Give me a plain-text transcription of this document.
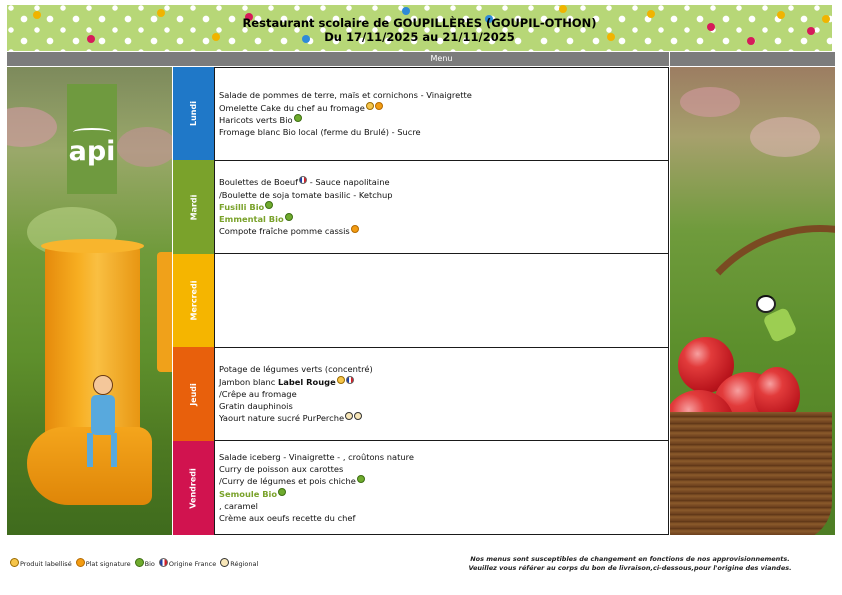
Restaurant scolaire de GOUPILLÈRES (GOUPIL-OTHON)
Du 17/11/2025 au 21/11/2025
Menu
api
Lundi
Salade de pommes de terre, maïs et cornichons - Vinaigrette
Omelette Cake du chef au fromage
Haricots verts Bio
Fromage blanc Bio local (ferme du Brulé) - Sucre
Mardi
Boulettes de Boeuf - Sauce napolitaine
/Boulette de soja tomate basilic - Ketchup
Fusilli Bio
Emmental Bio
Compote fraîche pomme cassis
Mercredi
Jeudi
Potage de légumes verts (concentré)
Jambon blanc Label Rouge
/Crêpe au fromage
Gratin dauphinois
Yaourt nature sucré PurPerche
Vendredi
Salade iceberg - Vinaigrette - , croûtons nature
Curry de poisson aux carottes
/Curry de légumes et pois chiche
Semoule Bio
, caramel
Crème aux oeufs recette du chef
Produit labellisé Plat signature Bio Origine France Régional
Nos menus sont susceptibles de changement en fonctions de nos approvisionnements.
Veuillez vous référer au corps du bon de livraison,ci-dessous,pour l'origine des viandes.
